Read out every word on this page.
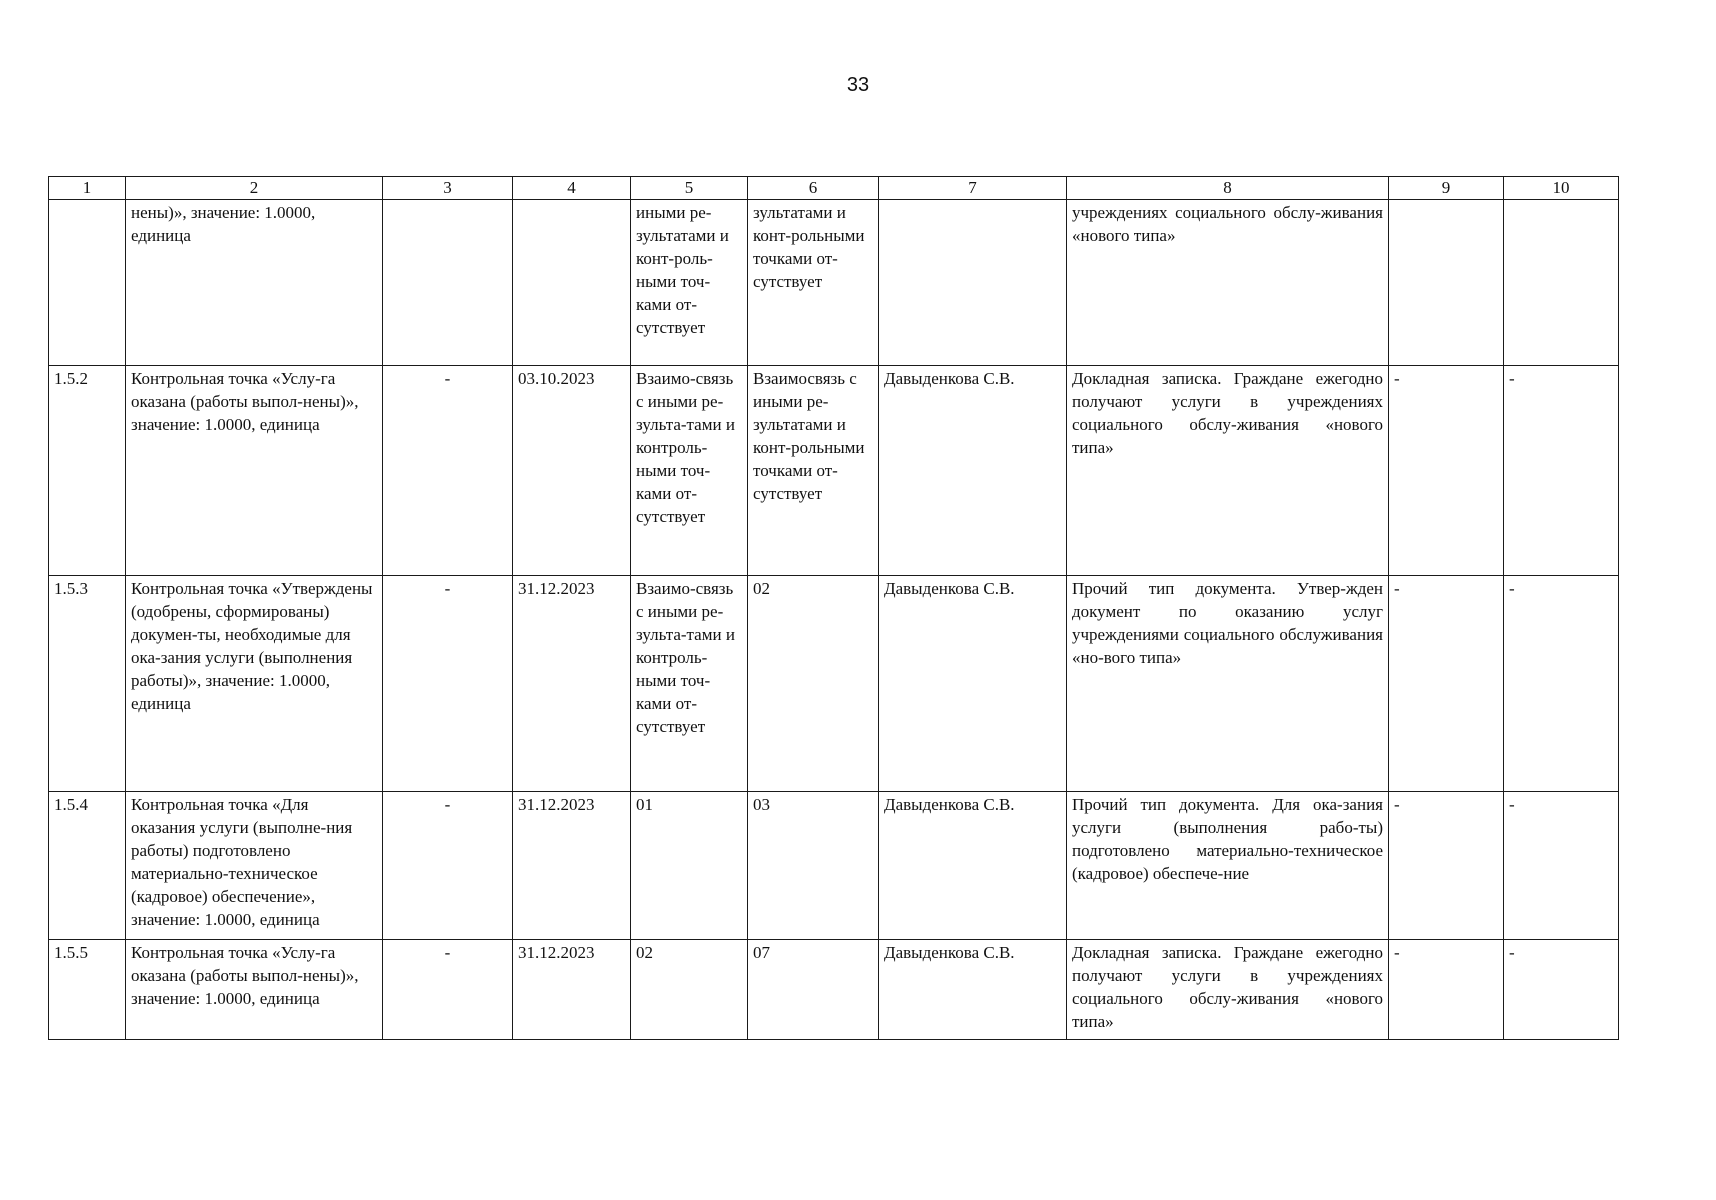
33
1	2	3	4	5	6	7	8	9	10
	нены)», значение: 1.0000, единица			иными ре-зультатами и конт-роль-ными точ-ками от-сутствует	зультатами и конт-рольными точками от-сутствует		учреждениях социального обслу-живания «нового типа»		
1.5.2	Контрольная точка «Услу-га оказана (работы выпол-нены)», значение: 1.0000, единица	-	03.10.2023	Взаимо-связь с иными ре-зульта-тами и контроль-ными точ-ками от-сутствует	Взаимосвязь с иными ре-зультатами и конт-рольными точками от-сутствует	Давыденкова С.В.	Докладная записка. Граждане ежегодно получают услуги в учреждениях социального обслу-живания «нового типа»	-	-
1.5.3	Контрольная точка «Утверждены (одобрены, сформированы) докумен-ты, необходимые для ока-зания услуги (выполнения работы)», значение: 1.0000, единица	-	31.12.2023	Взаимо-связь с иными ре-зульта-тами и контроль-ными точ-ками от-сутствует	02	Давыденкова С.В.	Прочий тип документа. Утвер-жден документ по оказанию услуг учреждениями социального обслуживания «но-вого типа»	-	-
1.5.4	Контрольная точка «Для оказания услуги (выполне-ния работы) подготовлено материально-техническое (кадровое) обеспечение», значение: 1.0000, единица	-	31.12.2023	01	03	Давыденкова С.В.	Прочий тип документа. Для ока-зания услуги (выполнения рабо-ты) подготовлено материально-техническое (кадровое) обеспече-ние	-	-
1.5.5	Контрольная точка «Услу-га оказана (работы выпол-нены)», значение: 1.0000, единица	-	31.12.2023	02	07	Давыденкова С.В.	Докладная записка. Граждане ежегодно получают услуги в учреждениях социального обслу-живания «нового типа»	-	-
